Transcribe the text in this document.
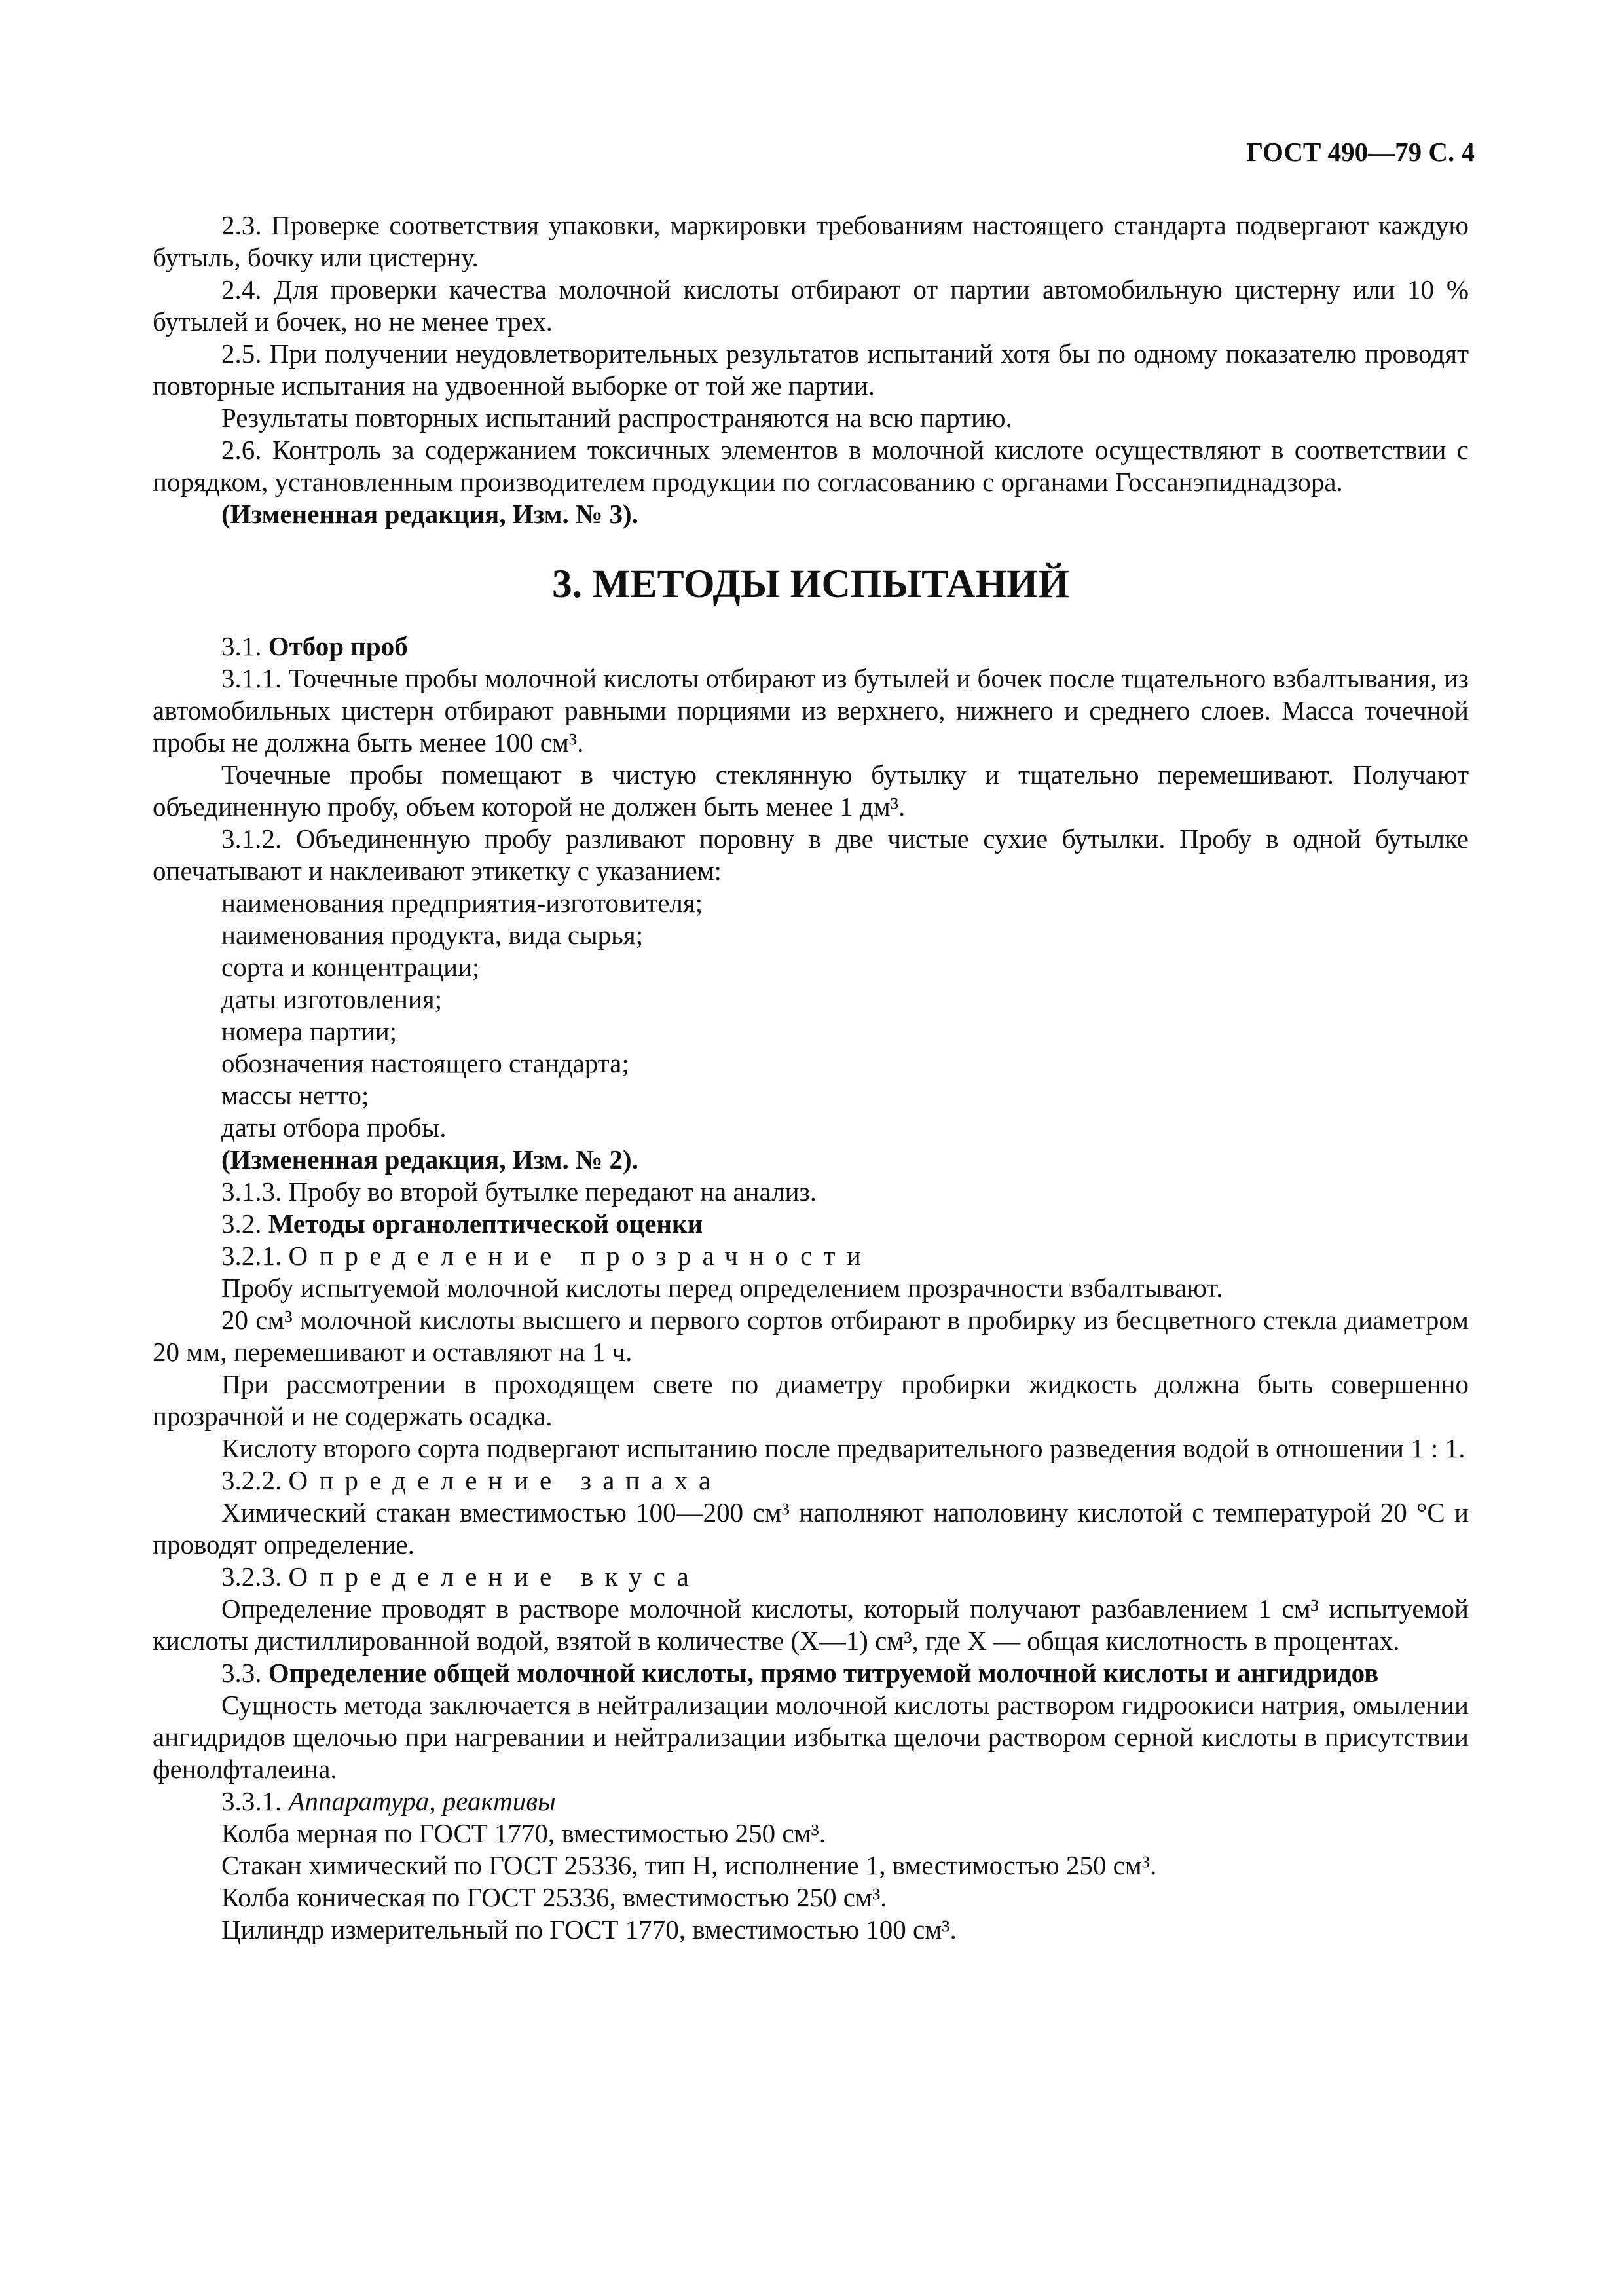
ГОСТ 490—79 С. 4

2.3. Проверке соответствия упаковки, маркировки требованиям настоящего стандарта подвергают каждую бутыль, бочку или цистерну.

2.4. Для проверки качества молочной кислоты отбирают от партии автомобильную цистерну или 10 % бутылей и бочек, но не менее трех.

2.5. При получении неудовлетворительных результатов испытаний хотя бы по одному показателю проводят повторные испытания на удвоенной выборке от той же партии.

Результаты повторных испытаний распространяются на всю партию.

2.6. Контроль за содержанием токсичных элементов в молочной кислоте осуществляют в соответствии с порядком, установленным производителем продукции по согласованию с органами Госсанэпиднадзора.

(Измененная редакция, Изм. № 3).

3. МЕТОДЫ ИСПЫТАНИЙ

3.1. Отбор проб

3.1.1. Точечные пробы молочной кислоты отбирают из бутылей и бочек после тщательного взбалтывания, из автомобильных цистерн отбирают равными порциями из верхнего, нижнего и среднего слоев. Масса точечной пробы не должна быть менее 100 см³.

Точечные пробы помещают в чистую стеклянную бутылку и тщательно перемешивают. Получают объединенную пробу, объем которой не должен быть менее 1 дм³.

3.1.2. Объединенную пробу разливают поровну в две чистые сухие бутылки. Пробу в одной бутылке опечатывают и наклеивают этикетку с указанием:

наименования предприятия-изготовителя;

наименования продукта, вида сырья;

сорта и концентрации;

даты изготовления;

номера партии;

обозначения настоящего стандарта;

массы нетто;

даты отбора пробы.

(Измененная редакция, Изм. № 2).

3.1.3. Пробу во второй бутылке передают на анализ.

3.2. Методы органолептической оценки

3.2.1. Определение прозрачности

Пробу испытуемой молочной кислоты перед определением прозрачности взбалтывают.

20 см³ молочной кислоты высшего и первого сортов отбирают в пробирку из бесцветного стекла диаметром 20 мм, перемешивают и оставляют на 1 ч.

При рассмотрении в проходящем свете по диаметру пробирки жидкость должна быть совершенно прозрачной и не содержать осадка.

Кислоту второго сорта подвергают испытанию после предварительного разведения водой в отношении 1 : 1.

3.2.2. Определение запаха

Химический стакан вместимостью 100—200 см³ наполняют наполовину кислотой с температурой 20 °С и проводят определение.

3.2.3. Определение вкуса

Определение проводят в растворе молочной кислоты, который получают разбавлением 1 см³ испытуемой кислоты дистиллированной водой, взятой в количестве (X—1) см³, где X — общая кислотность в процентах.

3.3. Определение общей молочной кислоты, прямо титруемой молочной кислоты и ангидридов

Сущность метода заключается в нейтрализации молочной кислоты раствором гидроокиси натрия, омылении ангидридов щелочью при нагревании и нейтрализации избытка щелочи раствором серной кислоты в присутствии фенолфталеина.

3.3.1. Аппаратура, реактивы

Колба мерная по ГОСТ 1770, вместимостью 250 см³.

Стакан химический по ГОСТ 25336, тип Н, исполнение 1, вместимостью 250 см³.

Колба коническая по ГОСТ 25336, вместимостью 250 см³.

Цилиндр измерительный по ГОСТ 1770, вместимостью 100 см³.
